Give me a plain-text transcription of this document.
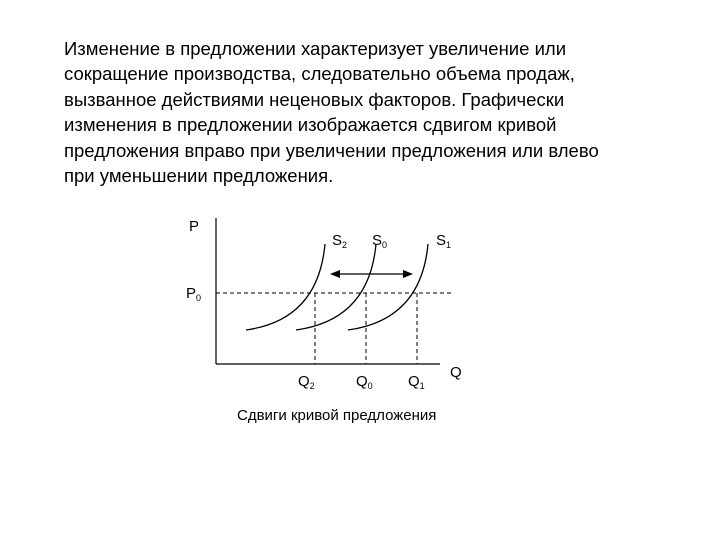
Изменение в предложении характеризует увеличение или
сокращение производства, следовательно объема продаж,
вызванное действиями неценовых факторов. Графически
изменения в предложении изображается сдвигом кривой
предложения вправо при увеличении предложения или влево
при уменьшении предложения.
P
Q
$P_0$
$S_2$ $S_0$	$S_1$
$Q_2$	$Q_0$ $Q_1$
Сдвиги кривой предложения
